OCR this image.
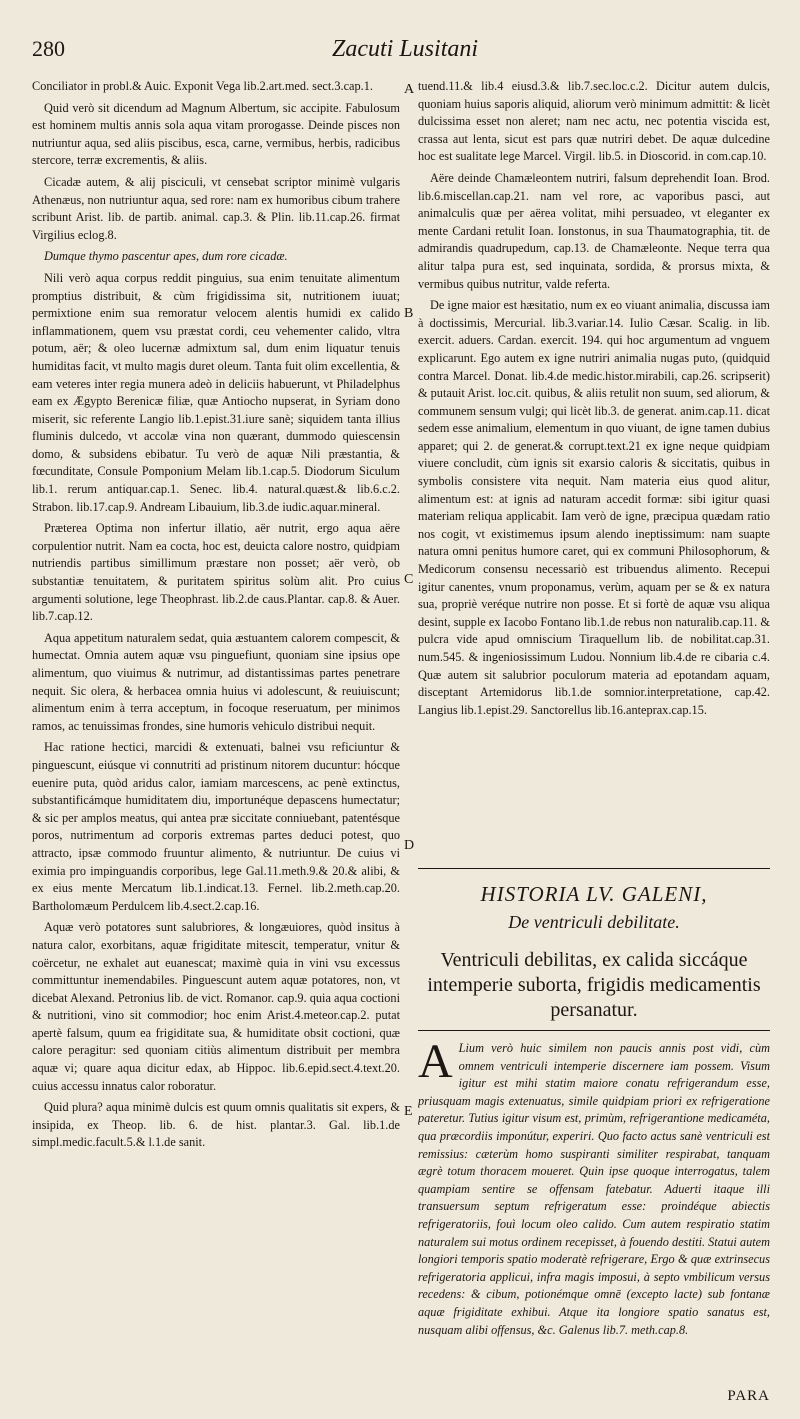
280	Zacuti Lusitani

Conciliator in probl.& Auic. Exponit Vega lib.2.art.med. sect.3.cap.1.

Quid verò sit dicendum ad Magnum Albertum, sic accipite. Fabulosum est hominem multis annis sola aqua vitam prorogasse. Deinde pisces non nutriuntur aqua, sed aliis piscibus, esca, carne, vermibus, herbis, radicibus stercore, terræ excrementis, & aliis.

Cicadæ autem, & alij pisciculi, vt censebat scriptor minimè vulgaris Athenæus, non nutriuntur aqua, sed rore: nam ex humoribus cibum trahere scribunt Arist. lib. de partib. animal. cap.3. & Plin. lib.11.cap.26. firmat Virgilius eclog.8.

Dumque thymo pascentur apes, dum rore cicadæ.

Nili verò aqua corpus reddit pinguius, sua enim tenuitate alimentum promptius distribuit, & cùm frigidissima sit, nutritionem iuuat; permixtione enim sua remoratur velocem alentis humidi ex calido inflammationem, quem vsu præstat cordi, ceu vehementer calido, vltra potum, aër; & oleo lucernæ admixtum sal, dum enim liquatur tenuis humiditas facit, vt multo magis duret oleum. Tanta fuit olim excellentia, & eam veteres inter regia munera adeò in deliciis habuerunt, vt Philadelphus eam ex Ægypto Berenicæ filiæ, quæ Antiocho nupserat, in Syriam dono miserit, sic referente Langio lib.1.epist.31.iure sanè; siquidem tanta illius fluminis dulcedo, vt accolæ vina non quærant, dummodo quiescensin domo, & subsidens ebibatur. Tu verò de aquæ Nili præstantia, & fœcunditate, Consule Pomponium Melam lib.1.cap.5. Diodorum Siculum lib.1. rerum antiquar.cap.1. Senec. lib.4. natural.quæst.& lib.6.c.2. Strabon. lib.17.cap.9. Andream Libauium, lib.3.de iudic.aquar.mineral.

Præterea Optima non infertur illatio, aër nutrit, ergo aqua aëre corpulentior nutrit. Nam ea cocta, hoc est, deuicta calore nostro, quidpiam nutriendis partibus simillimum præstare non posset; aër verò, ob substantiæ tenuitatem, & puritatem spiritus solùm alit. Pro cuius argumenti solutione, lege Theophrast. lib.2.de caus.Plantar. cap.8. & Auer. lib.7.cap.12.

Aqua appetitum naturalem sedat, quia æstuantem calorem compescit, & humectat. Omnia autem aquæ vsu pinguefiunt, quoniam sine ipsius ope alimentum, quo viuimus & nutrimur, ad distantissimas partes penetrare nequit. Sic olera, & herbacea omnia huius vi adolescunt, & reuiuiscunt; alimentum enim à terra acceptum, in focoque reseruatum, per minimos ramos, ac tenuissimas frondes, sine humoris vehiculo distribui nequit.

Hac ratione hectici, marcidi & extenuati, balnei vsu reficiuntur & pinguescunt, eiúsque vi connutriti ad pristinum nitorem ducuntur: hócque euenire puta, quòd aridus calor, iamiam marcescens, ac penè extinctus, substantificámque humiditatem diu, importunéque depascens humectatur; & sic per amplos meatus, qui antea præ siccitate conniuebant, patentésque poros, nutrimentum ad corporis extremas partes deduci potest, quo attracto, ipsæ commodo fruuntur alimento, & nutriuntur. De cuius vi eximia pro impinguandis corporibus, lege Gal.11.meth.9.& 20.& alibi, & ex eius mente Mercatum lib.1.indicat.13. Fernel. lib.2.meth.cap.20. Bartholomæum Perdulcem lib.4.sect.2.cap.16.

Aquæ verò potatores sunt salubriores, & longæuiores, quòd insitus à natura calor, exorbitans, aquæ frigiditate mitescit, temperatur, vnitur & coërcetur, ne exhalet aut euanescat; maximè quia in vini vsu excessus committuntur inemendabiles. Pinguescunt autem aquæ potatores, non, vt dicebat Alexand. Petronius lib. de vict. Romanor. cap.9. quia aqua coctioni & nutritioni, vino sit commodior; hoc enim Arist.4.meteor.cap.2. putat apertè falsum, quum ea frigiditate sua, & humiditate obsit coctioni, quæ calore peragitur: sed quoniam citiùs alimentum distribuit per membra aquæ vi; quare aqua dicitur edax, ab Hippoc. lib.6.epid.sect.4.text.20. cuius accessu innatus calor roboratur.

Quid plura? aqua minimè dulcis est quum omnis qualitatis sit expers, & insipida, ex Theop. lib. 6. de hist. plantar.3. Gal. lib.1.de simpl.medic.facult.5.& l.1.de sanit.

A
B
C
D
E

tuend.11.& lib.4 eiusd.3.& lib.7.sec.loc.c.2. Dicitur autem dulcis, quoniam huius saporis aliquid, aliorum verò minimum admittit: & licèt dulcissima esset non aleret; nam nec actu, nec potentia viscida est, crassa aut lenta, sicut est pars quæ nutriri debet. De aquæ dulcedine hoc est sualitate lege Marcel. Virgil. lib.5. in Dioscorid. in com.cap.10.

Aëre deinde Chamæleontem nutriri, falsum deprehendit Ioan. Brod. lib.6.miscellan.cap.21. nam vel rore, ac vaporibus pasci, aut animalculis quæ per aërea volitat, mihi persuadeo, vt eleganter ex mente Cardani retulit Ioan. Ionstonus, in sua Thaumatographia, tit. de admirandis quadrupedum, cap.13. de Chamæleonte. Neque terra qua alitur talpa pura est, sed inquinata, sordida, & prorsus mixta, & vermibus quibus nutritur, valde referta.

De igne maior est hæsitatio, num ex eo viuant animalia, discussa iam à doctissimis, Mercurial. lib.3.variar.14. Iulio Cæsar. Scalig. in lib. exercit. aduers. Cardan. exercit. 194. qui hoc argumentum ad vnguem explicarunt. Ego autem ex igne nutriri animalia nugas puto, (quidquid contra Marcel. Donat. lib.4.de medic.histor.mirabili, cap.26. scripserit) & putauit Arist. loc.cit. quibus, & aliis retulit non suum, sed aliorum, & communem sensum vulgi; qui licèt lib.3. de generat. anim.cap.11. dicat sedem esse animalium, elementum in quo viuant, de igne tamen dubius apparet; qui 2. de generat.& corrupt.text.21 ex igne neque quidpiam viuere concludit, cùm ignis sit exarsio caloris & siccitatis, quibus in symbolis consistere vita nequit. Nam materia eius quod alitur, alimentum est: at ignis ad naturam accedit formæ: sibi igitur quasi materiam reliqua applicabit. Iam verò de igne, præcipua quædam ratio nos cogit, vt existimemus ipsum alendo ineptissimum: nam suapte natura omni penitus humore caret, qui ex communi Philosophorum, & Medicorum consensu necessariò est tribuendus alimento. Recepui igitur canentes, vnum proponamus, verùm, aquam per se & ex natura sua, propriè veréque nutrire non posse. Et si fortè de aquæ vsu aliqua desint, supple ex Iacobo Fontano lib.1.de rebus non naturalib.cap.11. & pulcra vide apud omniscium Tiraquellum lib. de nobilitat.cap.31. num.545. & ingeniosissimum Ludou. Nonnium lib.4.de re cibaria c.4. Quæ autem sit salubrior poculorum materia ad epotandam aquam, disceptant Artemidorus lib.1.de somnior.interpretatione, cap.42. Langius lib.1.epist.29. Sanctorellus lib.16.anteprax.cap.15.

HISTORIA LV. GALENI,
De ventriculi debilitate.
Ventriculi debilitas, ex calida siccáque intemperie suborta, frigidis medicamentis persanatur.
A Lium verò huic similem non paucis annis post vidi, cùm omnem ventriculi intemperie discernere iam possem. Visum igitur est mihi statim maiore conatu refrigerandum esse, priusquam magis extenuatus, simile quidpiam priori ex refrigeratione pateretur. Tutius igitur visum est, primùm, refrigerantione medicaméta, qua præcordiis imponútur, experiri. Quo facto actus sanè ventriculi est remissius: cæterùm homo suspiranti similiter respirabat, tanquam ægrè totum thoracem moueret. Quin ipse quoque interrogatus, talem quampiam sentire se offensam fatebatur. Aduerti itaque illi transuersum septum refrigeratum esse: proindéque abiectis refrigeratoriis, fouì locum oleo calido. Cum autem respiratio statim naturalem sui motus ordinem recepisset, à fouendo destiti. Statui autem longiori temporis spatio moderatè refrigerare, Ergo & quæ extrinsecus refrigeratoria applicui, infra magis imposui, à septo vmbilicum versus recedens: & cibum, potionémque omnē (excepto lacte) sub fontanæ aquæ frigiditate exhibui. Atque ita longiore spatio sanatus est, nusquam alibi offensus, &c. Galenus lib.7. meth.cap.8.
PARA
